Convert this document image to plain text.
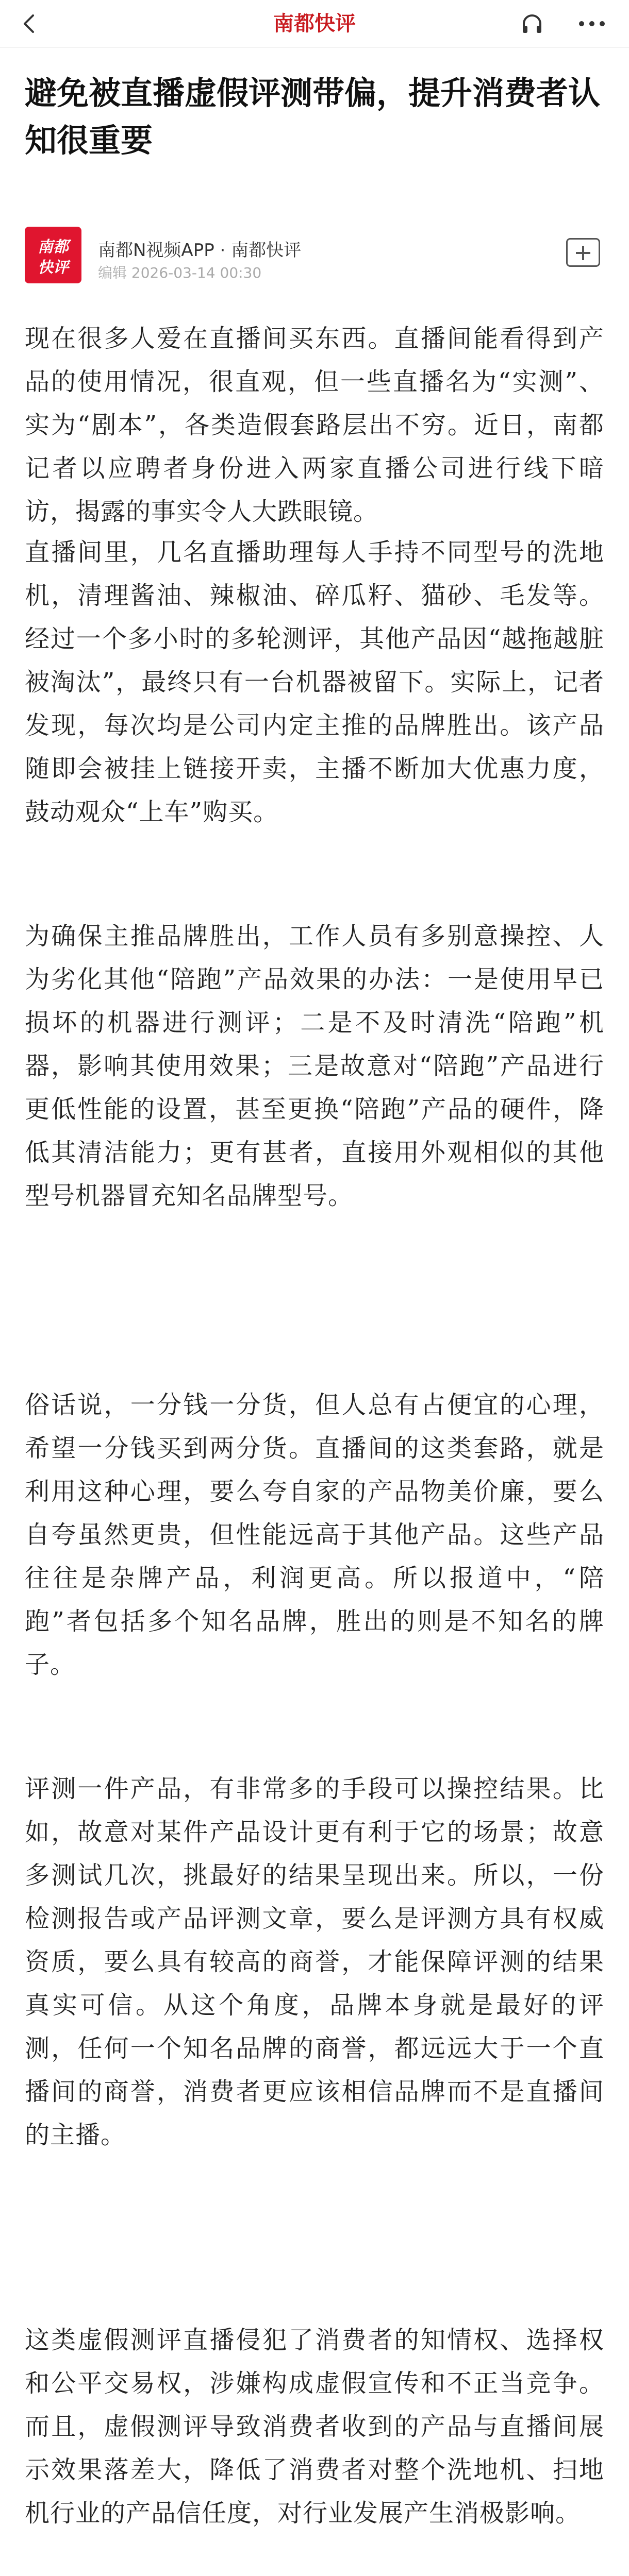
南都快评
避免被直播虚假评测带偏，提升消费者认知很重要
南都
快评
南都N视频APP · 南都快评
编辑 2026-03-14 00:30
现在很多人爱在直播间买东西。直播间能看得到产品的使用情况，很直观，但一些直播名为“实测”、实为“剧本”，各类造假套路层出不穷。近日，南都记者以应聘者身份进入两家直播公司进行线下暗访，揭露的事实令人大跌眼镜。
直播间里，几名直播助理每人手持不同型号的洗地机，清理酱油、辣椒油、碎瓜籽、猫砂、毛发等。经过一个多小时的多轮测评，其他产品因“越拖越脏被淘汰”，最终只有一台机器被留下。实际上，记者发现，每次均是公司内定主推的品牌胜出。该产品随即会被挂上链接开卖，主播不断加大优惠力度，鼓动观众“上车”购买。
为确保主推品牌胜出，工作人员有多别意操控、人为劣化其他“陪跑”产品效果的办法：一是使用早已损坏的机器进行测评；二是不及时清洗“陪跑”机器，影响其使用效果；三是故意对“陪跑”产品进行更低性能的设置，甚至更换“陪跑”产品的硬件，降低其清洁能力；更有甚者，直接用外观相似的其他型号机器冒充知名品牌型号。
俗话说，一分钱一分货，但人总有占便宜的心理，希望一分钱买到两分货。直播间的这类套路，就是利用这种心理，要么夸自家的产品物美价廉，要么自夸虽然更贵，但性能远高于其他产品。这些产品往往是杂牌产品，利润更高。所以报道中，“陪跑”者包括多个知名品牌，胜出的则是不知名的牌子。
评测一件产品，有非常多的手段可以操控结果。比如，故意对某件产品设计更有利于它的场景；故意多测试几次，挑最好的结果呈现出来。所以，一份检测报告或产品评测文章，要么是评测方具有权威资质，要么具有较高的商誉，才能保障评测的结果真实可信。从这个角度，品牌本身就是最好的评测，任何一个知名品牌的商誉，都远远大于一个直播间的商誉，消费者更应该相信品牌而不是直播间的主播。
这类虚假测评直播侵犯了消费者的知情权、选择权和公平交易权，涉嫌构成虚假宣传和不正当竞争。而且，虚假测评导致消费者收到的产品与直播间展示效果落差大，降低了消费者对整个洗地机、扫地机行业的产品信任度，对行业发展产生消极影响。
